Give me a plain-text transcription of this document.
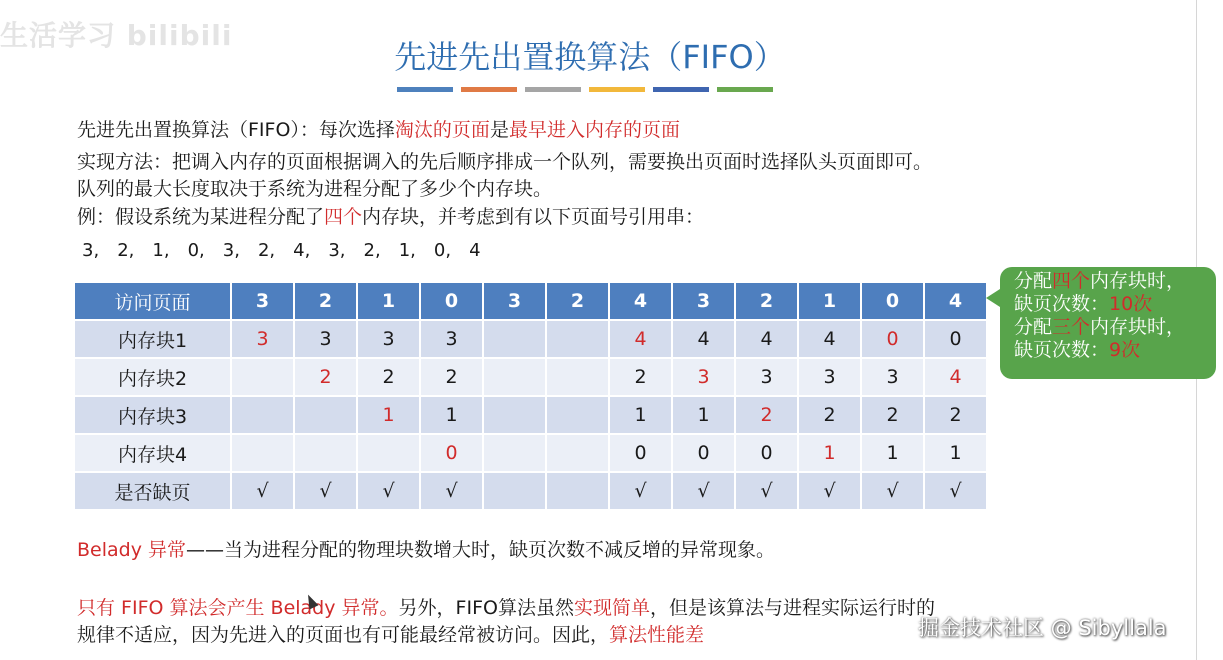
生活学习 bilibili
先进先出置换算法（FIFO）
先进先出置换算法（FIFO）：每次选择淘汰的页面是最早进入内存的页面
实现方法：把调入内存的页面根据调入的先后顺序排成一个队列，需要换出页面时选择队头页面即可。
队列的最大长度取决于系统为进程分配了多少个内存块。
例：假设系统为某进程分配了四个内存块，并考虑到有以下页面号引用串：
3, 2, 1, 0, 3, 2, 4, 3, 2, 1, 0, 4
访问页面	3	2	1	0	3	2	4	3	2	1	0	4
内存块1	3	3	3	3			4	4	4	4	0	0
内存块2		2	2	2			2	3	3	3	3	4
内存块3			1	1			1	1	2	2	2	2
内存块4				0			0	0	0	1	1	1
是否缺页	√	√	√	√			√	√	√	√	√	√
分配四个内存块时，
缺页次数：10次
分配三个内存块时，
缺页次数：9次
Belady 异常——当为进程分配的物理块数增大时，缺页次数不减反增的异常现象。
只有 FIFO 算法会产生 Belady 异常。另外，FIFO算法虽然实现简单，但是该算法与进程实际运行时的
规律不适应，因为先进入的页面也有可能最经常被访问。因此，算法性能差	掘金技术社区 @ Sibyllala
